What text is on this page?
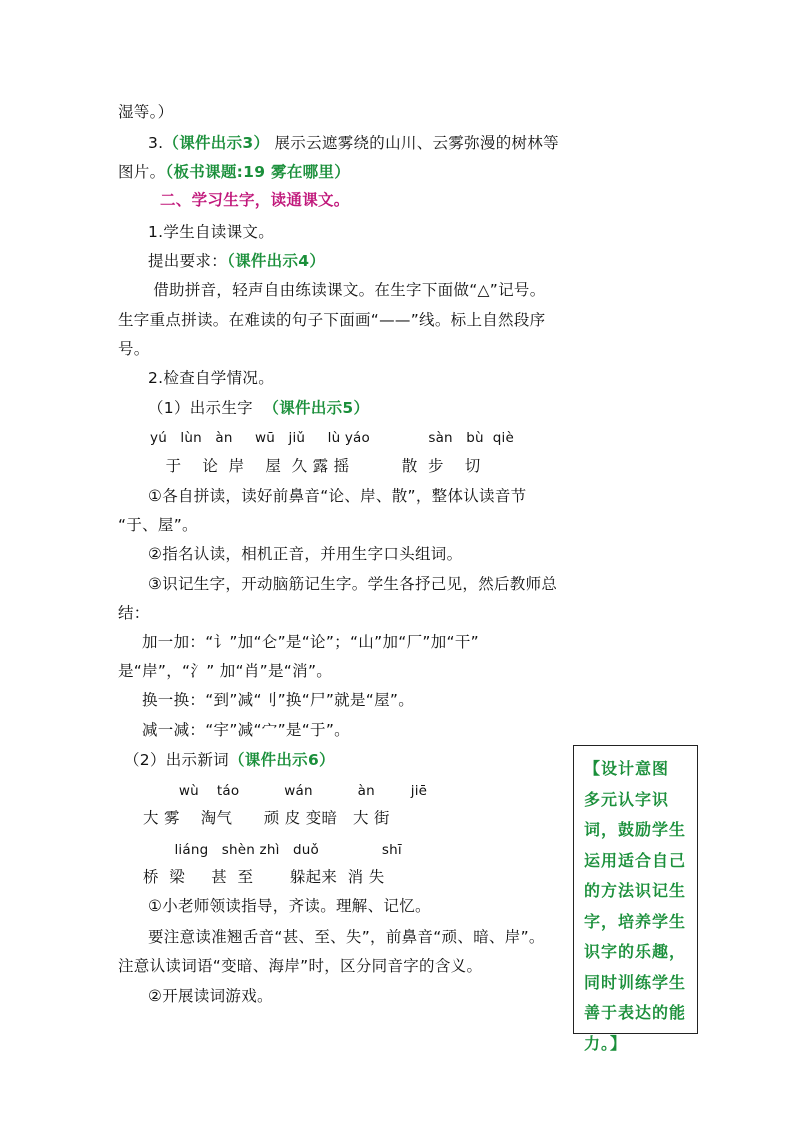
湿等。）
3.（课件出示3） 展示云遮雾绕的山川、云雾弥漫的树林等
图片。（板书课题:19 雾在哪里）
二、学习生字，读通课文。
1.学生自读课文。
提出要求：（课件出示4）
借助拼音，轻声自由练读课文。在生字下面做“△”记号。
生字重点拼读。在难读的句子下面画“——”线。标上自然段序
号。
2.检查自学情况。
（1）出示生字  （课件出示5）
yú   lùn   àn     wū   jiǔ     lù yáo             sàn   bù  qiè
于    论  岸    屋  久 露 摇          散  步    切
①各自拼读，读好前鼻音“论、岸、散”，整体认读音节
“于、屋”。
②指名认读，相机正音，并用生字口头组词。
③识记生字，开动脑筋记生字。学生各抒己见，然后教师总
结：
加一加：“讠”加“仑”是“论”；“山”加“厂”加“干”
是“岸”，“氵” 加“肖”是“消”。
换一换：“到”减“刂”换“尸”就是“屋”。
减一减：“宇”减“宀”是“于”。
（2）出示新词（课件出示6）
wù    táo          wán          àn        jiē
大 雾    淘气      顽 皮 变暗   大 街
liáng   shèn zhì   duǒ              shī
桥  梁     甚  至       躲起来  消 失
①小老师领读指导，齐读。理解、记忆。
要注意读准翘舌音“甚、至、失”，前鼻音“顽、暗、岸”。
注意认读词语“变暗、海岸”时，区分同音字的含义。
②开展读词游戏。
【设计意图 多元认字识词，鼓励学生运用适合自己的方法识记生字，培养学生识字的乐趣，同时训练学生善于表达的能力。】
